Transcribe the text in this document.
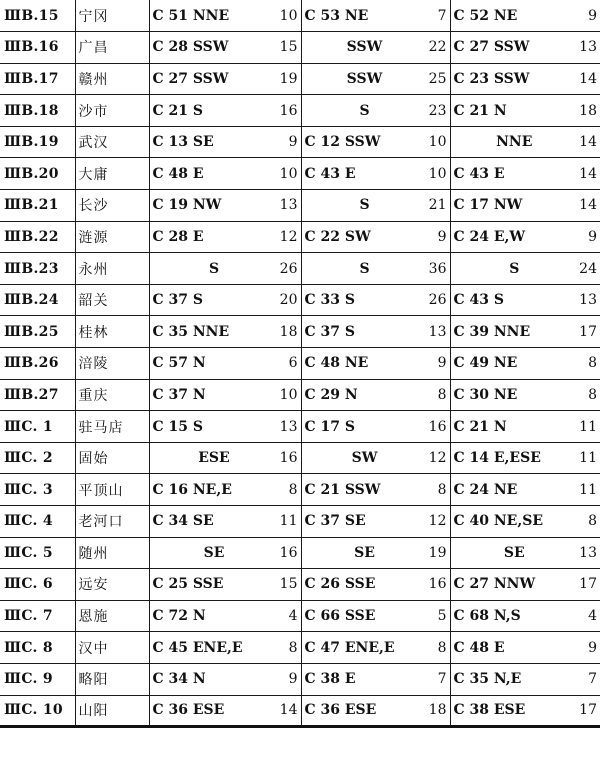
ⅢB.15	宁冈	C 51 NNE 10	C 53 NE 7	C 52 NE 9

ⅢB.16	广昌	C 28 SSW 15	SSW 22	C 27 SSW 13

ⅢB.17	赣州	C 27 SSW 19	SSW 25	C 23 SSW 14

ⅢB.18	沙市	C 21 S 16	S 23	C 21 N 18

ⅢB.19	武汉	C 13 SE 9	C 12 SSW 10	NNE 14

ⅢB.20	大庸	C 48 E 10	C 43 E 10	C 43 E 14

ⅢB.21	长沙	C 19 NW 13	S 21	C 17 NW 14

ⅢB.22	涟源	C 28 E 12	C 22 SW 9	C 24 E,W 9

ⅢB.23	永州	S 26	S 36	S 24

ⅢB.24	韶关	C 37 S 20	C 33 S 26	C 43 S 13

ⅢB.25	桂林	C 35 NNE 18	C 37 S 13	C 39 NNE 17

ⅢB.26	涪陵	C 57 N 6	C 48 NE 9	C 49 NE 8

ⅢB.27	重庆	C 37 N 10	C 29 N 8	C 30 NE 8

ⅢC. 1	驻马店	C 15 S 13	C 17 S 16	C 21 N 11

ⅢC. 2	固始	ESE 16	SW 12	C 14 E,ESE 11

ⅢC. 3	平顶山	C 16 NE,E 8	C 21 SSW 8	C 24 NE 11

ⅢC. 4	老河口	C 34 SE 11	C 37 SE 12	C 40 NE,SE 8

ⅢC. 5	随州	SE 16	SE 19	SE 13

ⅢC. 6	远安	C 25 SSE 15	C 26 SSE 16	C 27 NNW 17

ⅢC. 7	恩施	C 72 N 4	C 66 SSE 5	C 68 N,S 4

ⅢC. 8	汉中	C 45 ENE,E 8	C 47 ENE,E 8	C 48 E 9

ⅢC. 9	略阳	C 34 N 9	C 38 E 7	C 35 N,E 7

ⅢC. 10	山阳	C 36 ESE 14	C 36 ESE 18	C 38 ESE 17
